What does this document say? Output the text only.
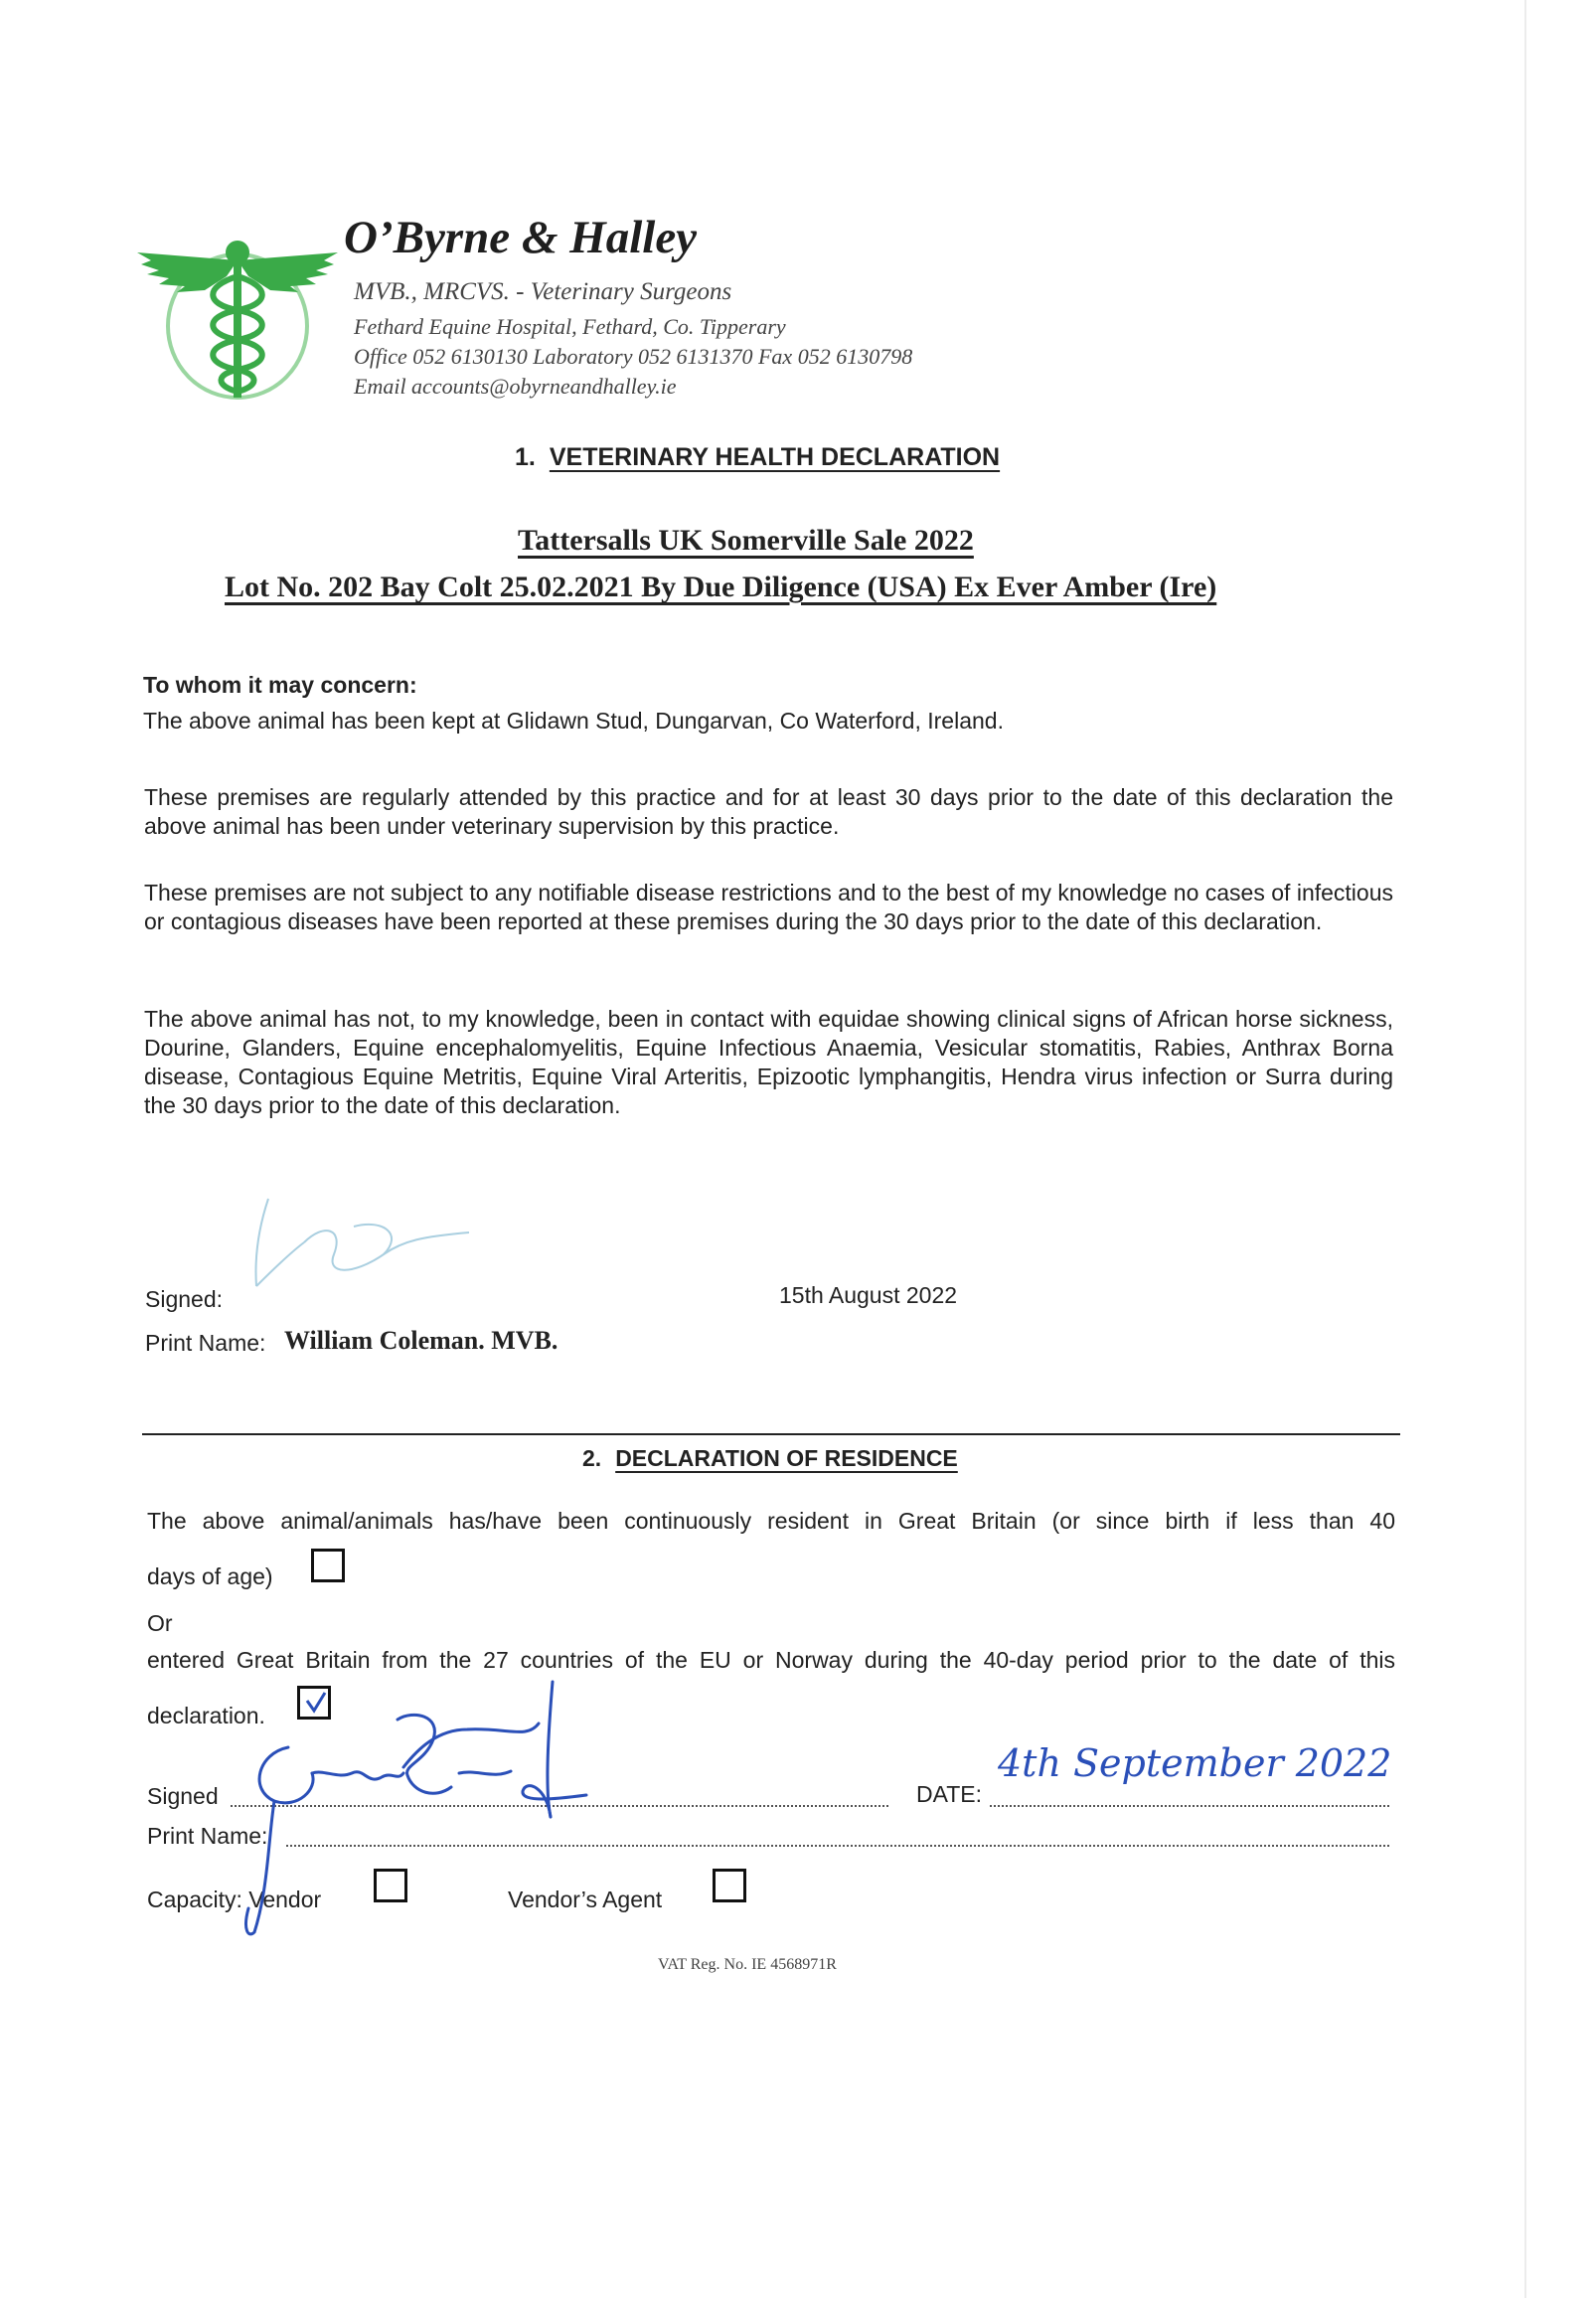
O’Byrne & Halley
MVB., MRCVS. - Veterinary Surgeons
Fethard Equine Hospital, Fethard, Co. Tipperary
Office 052 6130130 Laboratory 052 6131370 Fax 052 6130798
Email accounts@obyrneandhalley.ie
1. VETERINARY HEALTH DECLARATION
Tattersalls UK Somerville Sale 2022
Lot No. 202 Bay Colt 25.02.2021 By Due Diligence (USA) Ex Ever Amber (Ire)
To whom it may concern:
The above animal has been kept at Glidawn Stud, Dungarvan, Co Waterford, Ireland.
These premises are regularly attended by this practice and for at least 30 days prior to the date of this declaration the above animal has been under veterinary supervision by this practice.
These premises are not subject to any notifiable disease restrictions and to the best of my knowledge no cases of infectious or contagious diseases have been reported at these premises during the 30 days prior to the date of this declaration.
The above animal has not, to my knowledge, been in contact with equidae showing clinical signs of African horse sickness, Dourine, Glanders, Equine encephalomyelitis, Equine Infectious Anaemia, Vesicular stomatitis, Rabies, Anthrax Borna disease, Contagious Equine Metritis, Equine Viral Arteritis, Epizootic lymphangitis, Hendra virus infection or Surra during the 30 days prior to the date of this declaration.
Signed:	15th August 2022
Print Name: William Coleman. MVB.
2. DECLARATION OF RESIDENCE
The above animal/animals has/have been continuously resident in Great Britain (or since birth if less than 40
days of age)
Or
entered Great Britain from the 27 countries of the EU or Norway during the 40-day period prior to the date of this
declaration.
Signed	DATE:
4th September 2022
Print Name:
Capacity: Vendor	Vendor’s Agent
VAT Reg. No. IE 4568971R
